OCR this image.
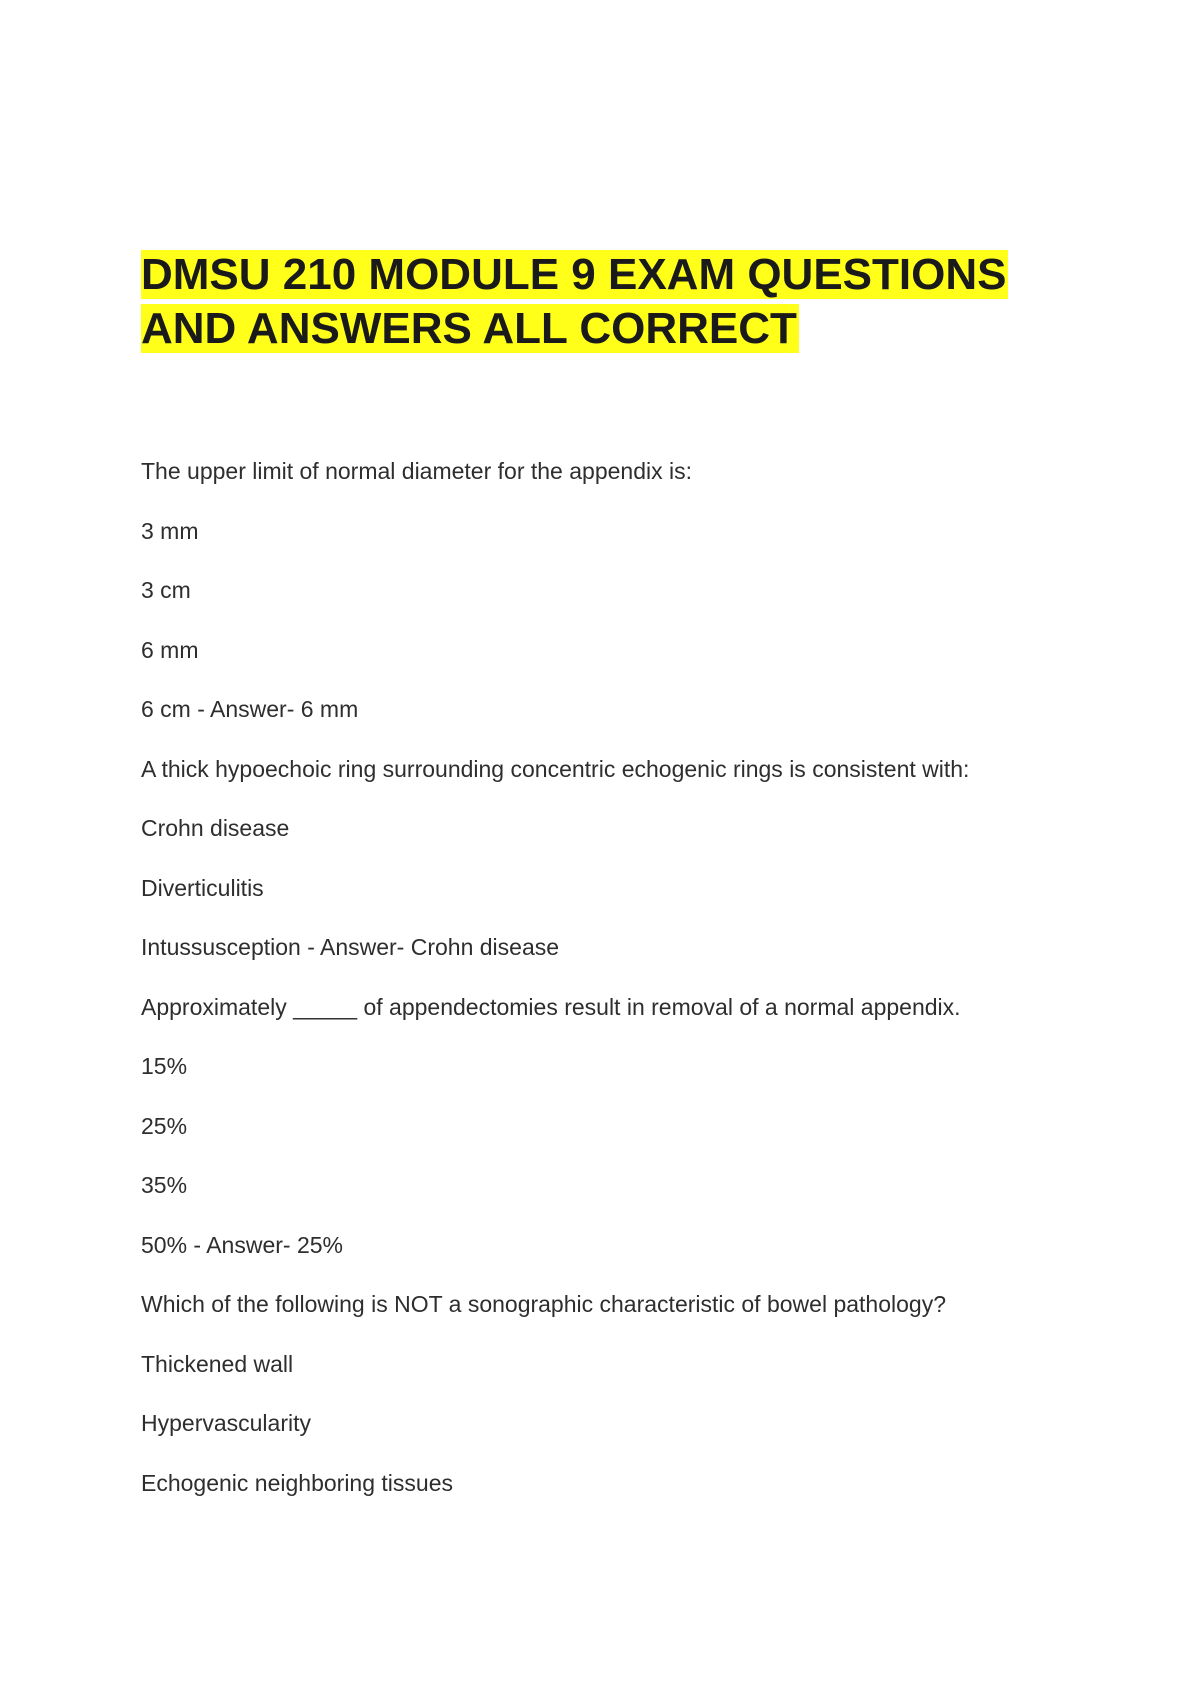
DMSU 210 MODULE 9 EXAM QUESTIONS
AND ANSWERS ALL CORRECT

The upper limit of normal diameter for the appendix is:

3 mm

3 cm

6 mm

6 cm - Answer- 6 mm

A thick hypoechoic ring surrounding concentric echogenic rings is consistent with:

Crohn disease

Diverticulitis

Intussusception - Answer- Crohn disease

Approximately _____ of appendectomies result in removal of a normal appendix.

15%

25%

35%

50% - Answer- 25%

Which of the following is NOT a sonographic characteristic of bowel pathology?

Thickened wall

Hypervascularity

Echogenic neighboring tissues
